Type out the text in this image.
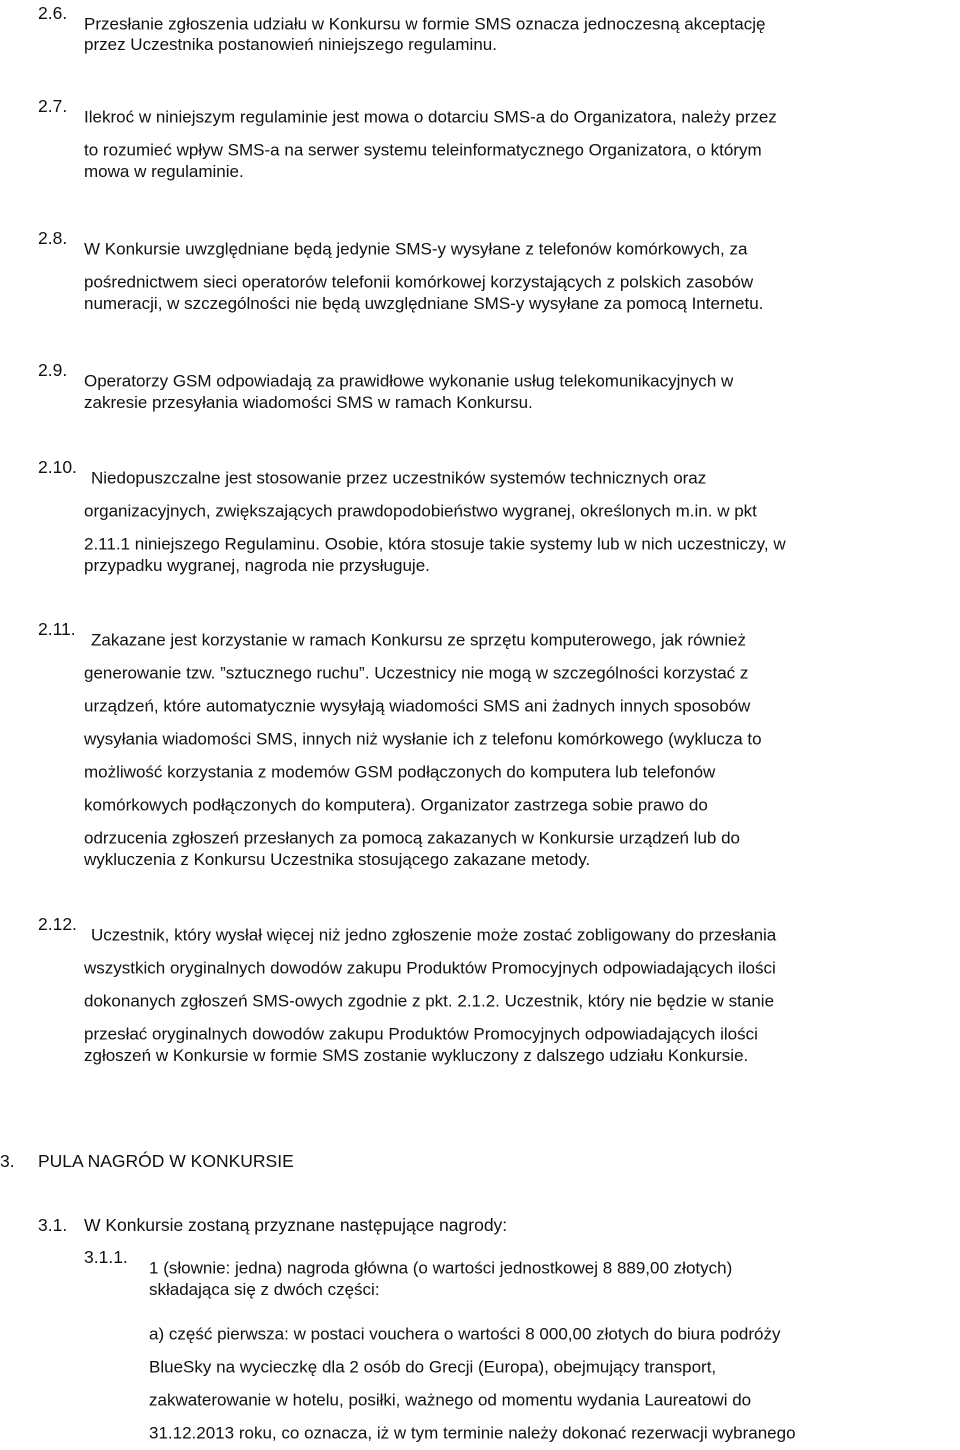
2.6.
Przesłanie zgłoszenia udziału w Konkursu w formie SMS oznacza jednoczesną akceptację
przez Uczestnika postanowień niniejszego regulaminu.
2.7.
Ilekroć w niniejszym regulaminie jest mowa o dotarciu SMS-a do Organizatora, należy przez
to rozumieć wpływ SMS-a na serwer systemu teleinformatycznego Organizatora, o którym
mowa w regulaminie.
2.8.
W Konkursie uwzględniane będą jedynie SMS-y wysyłane z telefonów komórkowych, za
pośrednictwem sieci operatorów telefonii komórkowej korzystających z polskich zasobów
numeracji, w szczególności nie będą uwzględniane SMS-y wysyłane za pomocą Internetu.
2.9.
Operatorzy GSM odpowiadają za prawidłowe wykonanie usług telekomunikacyjnych w
zakresie przesyłania wiadomości SMS w ramach Konkursu.
2.10.
Niedopuszczalne jest stosowanie przez uczestników systemów technicznych oraz
organizacyjnych, zwiększających prawdopodobieństwo wygranej, określonych m.in. w pkt
2.11.1 niniejszego Regulaminu. Osobie, która stosuje takie systemy lub w nich uczestniczy, w
przypadku wygranej, nagroda nie przysługuje.
2.11.
Zakazane jest korzystanie w ramach Konkursu ze sprzętu komputerowego, jak również
generowanie tzw. ”sztucznego ruchu”. Uczestnicy nie mogą w szczególności korzystać z
urządzeń, które automatycznie wysyłają wiadomości SMS ani żadnych innych sposobów
wysyłania wiadomości SMS, innych niż wysłanie ich z telefonu komórkowego (wyklucza to
możliwość korzystania z modemów GSM podłączonych do komputera lub telefonów
komórkowych podłączonych do komputera). Organizator zastrzega sobie prawo do
odrzucenia zgłoszeń przesłanych za pomocą zakazanych w Konkursie urządzeń lub do
wykluczenia z Konkursu Uczestnika stosującego zakazane metody.
2.12.
Uczestnik, który wysłał więcej niż jedno zgłoszenie może zostać zobligowany do przesłania
wszystkich oryginalnych dowodów zakupu Produktów Promocyjnych odpowiadających ilości
dokonanych zgłoszeń SMS-owych zgodnie z pkt. 2.1.2. Uczestnik, który nie będzie w stanie
przesłać oryginalnych dowodów zakupu Produktów Promocyjnych odpowiadających ilości
zgłoszeń w Konkursie w formie SMS zostanie wykluczony z dalszego udziału Konkursie.
3. PULA NAGRÓD W KONKURSIE
3.1. W Konkursie zostaną przyznane następujące nagrody:
3.1.1.
1 (słownie: jedna) nagroda główna (o wartości jednostkowej 8 889,00 złotych)
składająca się z dwóch części:
a) część pierwsza: w postaci vouchera o wartości 8 000,00 złotych do biura podróży
BlueSky na wycieczkę dla 2 osób do Grecji (Europa), obejmujący transport,
zakwaterowanie w hotelu, posiłki, ważnego od momentu wydania Laureatowi do
31.12.2013 roku, co oznacza, iż w tym terminie należy dokonać rezerwacji wybranego
